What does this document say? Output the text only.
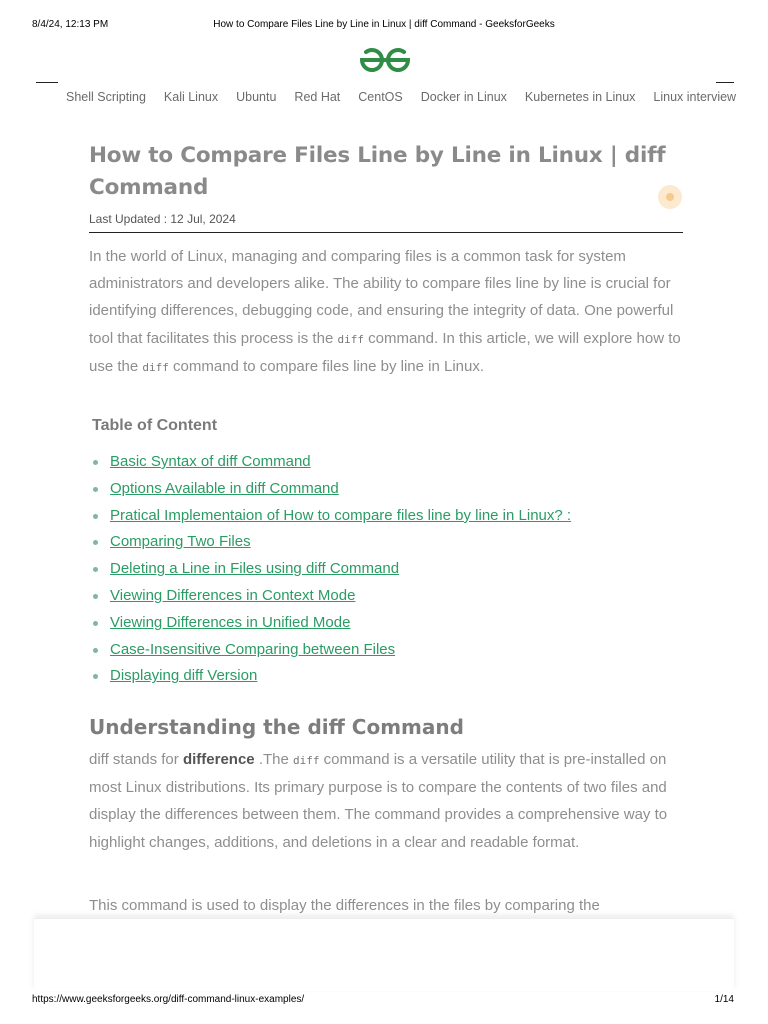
8/4/24, 12:13 PM	How to Compare Files Line by Line in Linux | diff Command - GeeksforGeeks
Shell Scripting Kali Linux Ubuntu Red Hat CentOS Docker in Linux Kubernetes in Linux Linux interview
How to Compare Files Line by Line in Linux | diff Command
Last Updated : 12 Jul, 2024

In the world of Linux, managing and comparing files is a common task for system administrators and developers alike. The ability to compare files line by line is crucial for identifying differences, debugging code, and ensuring the integrity of data. One powerful tool that facilitates this process is the diff command. In this article, we will explore how to use the diff command to compare files line by line in Linux.

Table of Content
Basic Syntax of diff Command
Options Available in diff Command
Pratical Implementaion of How to compare files line by line in Linux? :
Comparing Two Files
Deleting a Line in Files using diff Command
Viewing Differences in Context Mode
Viewing Differences in Unified Mode
Case-Insensitive Comparing between Files
Displaying diff Version
Understanding the diff Command

diff stands for difference .The diff command is a versatile utility that is pre-installed on most Linux distributions. Its primary purpose is to compare the contents of two files and display the differences between them. The command provides a comprehensive way to highlight changes, additions, and deletions in a clear and readable format.

This command is used to display the differences in the files by comparing the

https://www.geeksforgeeks.org/diff-command-linux-examples/	1/14
